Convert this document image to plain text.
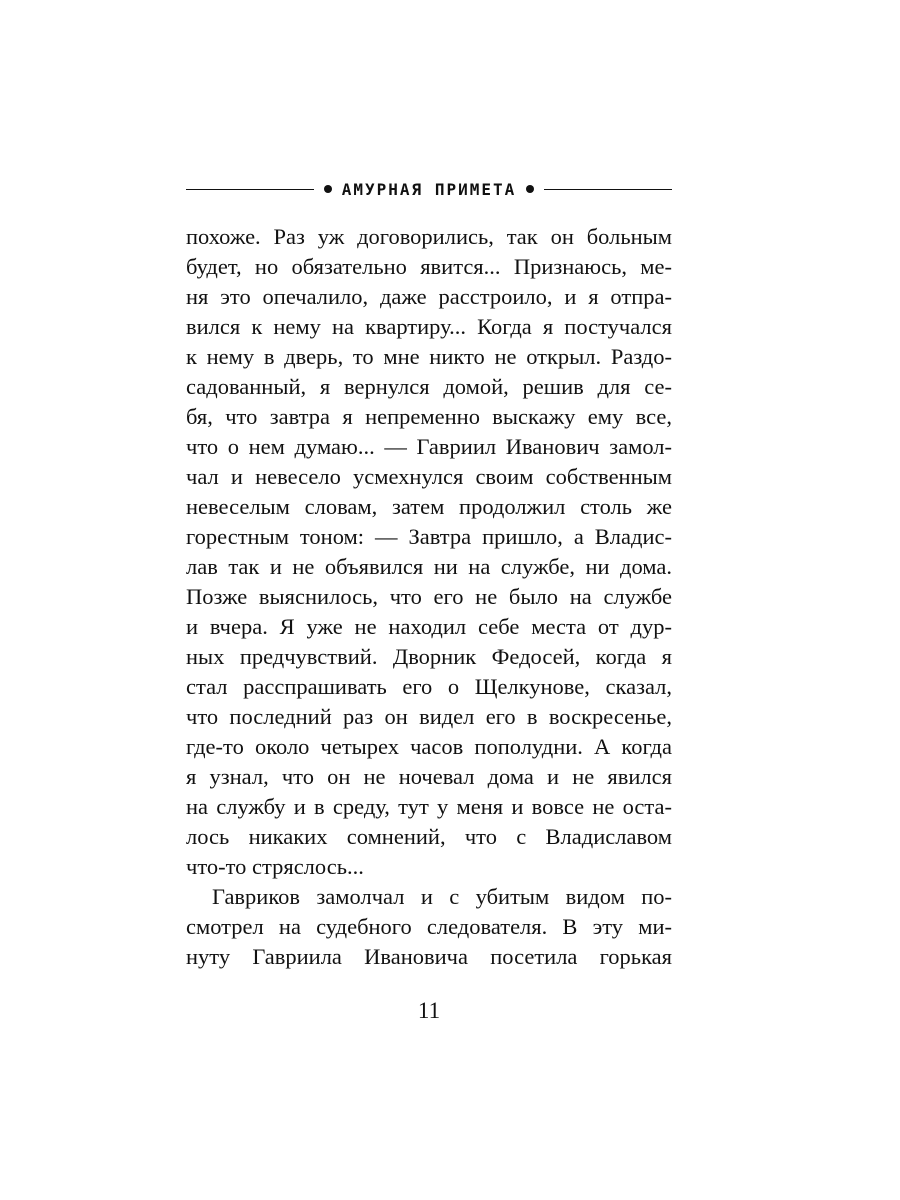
АМУРНАЯ ПРИМЕТА
похоже. Раз уж договорились, так он больным
будет, но обязательно явится... Признаюсь, ме-
ня это опечалило, даже расстроило, и я отпра-
вился к нему на квартиру... Когда я постучался
к нему в дверь, то мне никто не открыл. Раздо-
садованный, я вернулся домой, решив для се-
бя, что завтра я непременно выскажу ему все,
что о нем думаю... — Гавриил Иванович замол-
чал и невесело усмехнулся своим собственным
невеселым словам, затем продолжил столь же
горестным тоном: — Завтра пришло, а Владис-
лав так и не объявился ни на службе, ни дома.
Позже выяснилось, что его не было на службе
и вчера. Я уже не находил себе места от дур-
ных предчувствий. Дворник Федосей, когда я
стал расспрашивать его о Щелкунове, сказал,
что последний раз он видел его в воскресенье,
где-то около четырех часов пополудни. А когда
я узнал, что он не ночевал дома и не явился
на службу и в среду, тут у меня и вовсе не оста-
лось никаких сомнений, что с Владиславом
что-то стряслось...
Гавриков замолчал и с убитым видом по-
смотрел на судебного следователя. В эту ми-
нуту Гавриила Ивановича посетила горькая
11
